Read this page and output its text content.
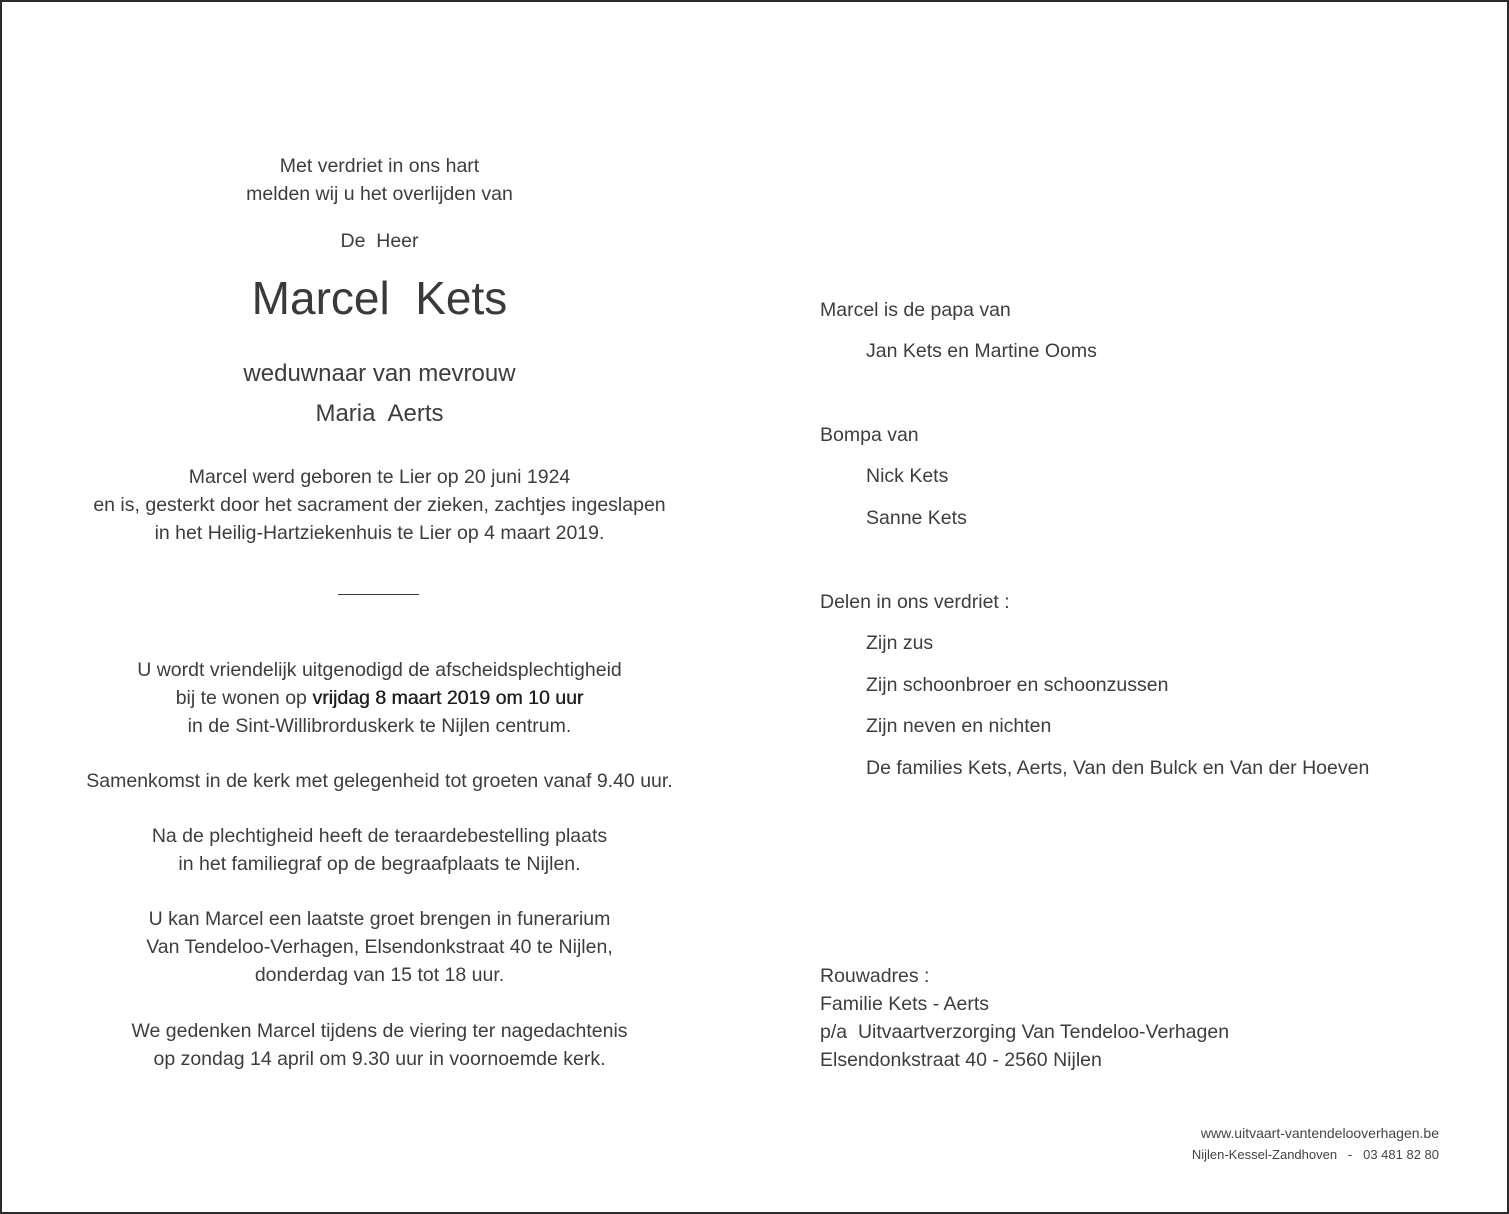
Met verdriet in ons hart
melden wij u het overlijden van
De  Heer
Marcel  Kets
weduwnaar van mevrouw
Maria  Aerts
Marcel werd geboren te Lier op 20 juni 1924
en is, gesterkt door het sacrament der zieken, zachtjes ingeslapen
in het Heilig-Hartziekenhuis te Lier op 4 maart 2019.
U wordt vriendelijk uitgenodigd de afscheidsplechtigheid
bij te wonen op vrijdag 8 maart 2019 om 10 uur
in de Sint-Willibrorduskerk te Nijlen centrum.
Samenkomst in de kerk met gelegenheid tot groeten vanaf 9.40 uur.
Na de plechtigheid heeft de teraardebestelling plaats
in het familiegraf op de begraafplaats te Nijlen.
U kan Marcel een laatste groet brengen in funerarium
Van Tendeloo-Verhagen, Elsendonkstraat 40 te Nijlen,
donderdag van 15 tot 18 uur.
We gedenken Marcel tijdens de viering ter nagedachtenis
op zondag 14 april om 9.30 uur in voornoemde kerk.
Marcel is de papa van
Jan Kets en Martine Ooms
Bompa van
Nick Kets
Sanne Kets
Delen in ons verdriet :
Zijn zus
Zijn schoonbroer en schoonzussen
Zijn neven en nichten
De families Kets, Aerts, Van den Bulck en Van der Hoeven
Rouwadres :
Familie Kets - Aerts
p/a  Uitvaartverzorging Van Tendeloo-Verhagen
Elsendonkstraat 40 - 2560 Nijlen
www.uitvaart-vantendelooverhagen.be
Nijlen-Kessel-Zandhoven   -   03 481 82 80
